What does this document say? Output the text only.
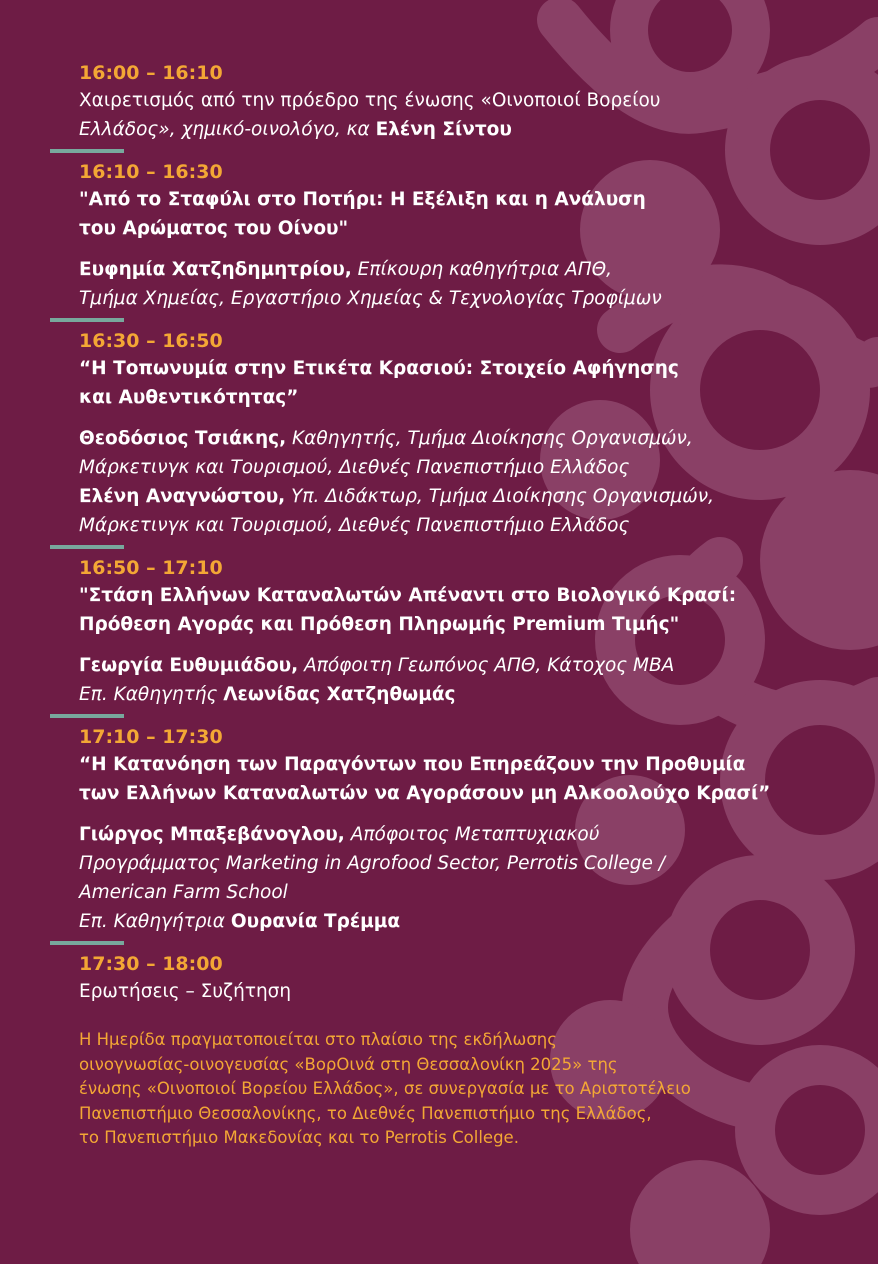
16:00 – 16:10
Χαιρετισμός από την πρόεδρο της ένωσης «Οινοποιοί Βορείου
Ελλάδος», χημικό-οινολόγο, κα Ελένη Σίντου
16:10 – 16:30
"Από το Σταφύλι στο Ποτήρι: Η Εξέλιξη και η Ανάλυση
του Αρώματος του Οίνου"
Ευφημία Χατζηδημητρίου, Επίκουρη καθηγήτρια ΑΠΘ,
Τμήμα Χημείας, Εργαστήριο Χημείας & Τεχνολογίας Τροφίμων
16:30 – 16:50
“Η Τοπωνυμία στην Ετικέτα Κρασιού: Στοιχείο Αφήγησης
και Αυθεντικότητας”
Θεοδόσιος Τσιάκης, Καθηγητής, Τμήμα Διοίκησης Οργανισμών,
Μάρκετινγκ και Τουρισμού, Διεθνές Πανεπιστήμιο Ελλάδος
Ελένη Αναγνώστου, Υπ. Διδάκτωρ, Τμήμα Διοίκησης Οργανισμών,
Μάρκετινγκ και Τουρισμού, Διεθνές Πανεπιστήμιο Ελλάδος
16:50 – 17:10
"Στάση Ελλήνων Καταναλωτών Απέναντι στο Βιολογικό Κρασί:
Πρόθεση Αγοράς και Πρόθεση Πληρωμής Premium Τιμής"
Γεωργία Ευθυμιάδου, Απόφοιτη Γεωπόνος ΑΠΘ, Κάτοχος MBA
Επ. Καθηγητής Λεωνίδας Χατζηθωμάς
17:10 – 17:30
“Η Κατανόηση των Παραγόντων που Επηρεάζουν την Προθυμία
των Ελλήνων Καταναλωτών να Αγοράσουν μη Αλκοολούχο Κρασί”
Γιώργος Μπαξεβάνογλου, Απόφοιτος Μεταπτυχιακού
Προγράμματος Marketing in Agrofood Sector, Perrotis College /
American Farm School
Επ. Καθηγήτρια Ουρανία Τρέμμα
17:30 – 18:00
Ερωτήσεις – Συζήτηση
Η Ημερίδα πραγματοποιείται στο πλαίσιο της εκδήλωσης
οινογνωσίας-οινογευσίας «ΒορΟινά στη Θεσσαλονίκη 2025» της
ένωσης «Οινοποιοί Βορείου Ελλάδος», σε συνεργασία με το Αριστοτέλειο
Πανεπιστήμιο Θεσσαλονίκης, το Διεθνές Πανεπιστήμιο της Ελλάδος,
το Πανεπιστήμιο Μακεδονίας και το Perrotis College.
